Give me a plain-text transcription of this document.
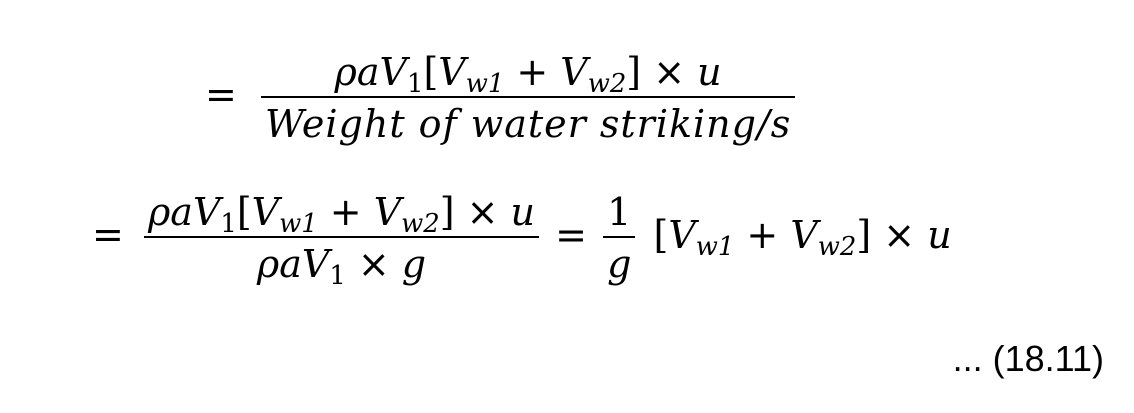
= $\frac{\rho aV_1[V_{w1} + V_{w2}] \times u}{\text{Weight of water striking/s}}$
= $\frac{\rho aV_1[V_{w1} + V_{w2}] \times u}{\rho aV_1 \times g} = \frac{1}{g} [V_{w1} + V_{w2}] \times u$
... (18.11)
